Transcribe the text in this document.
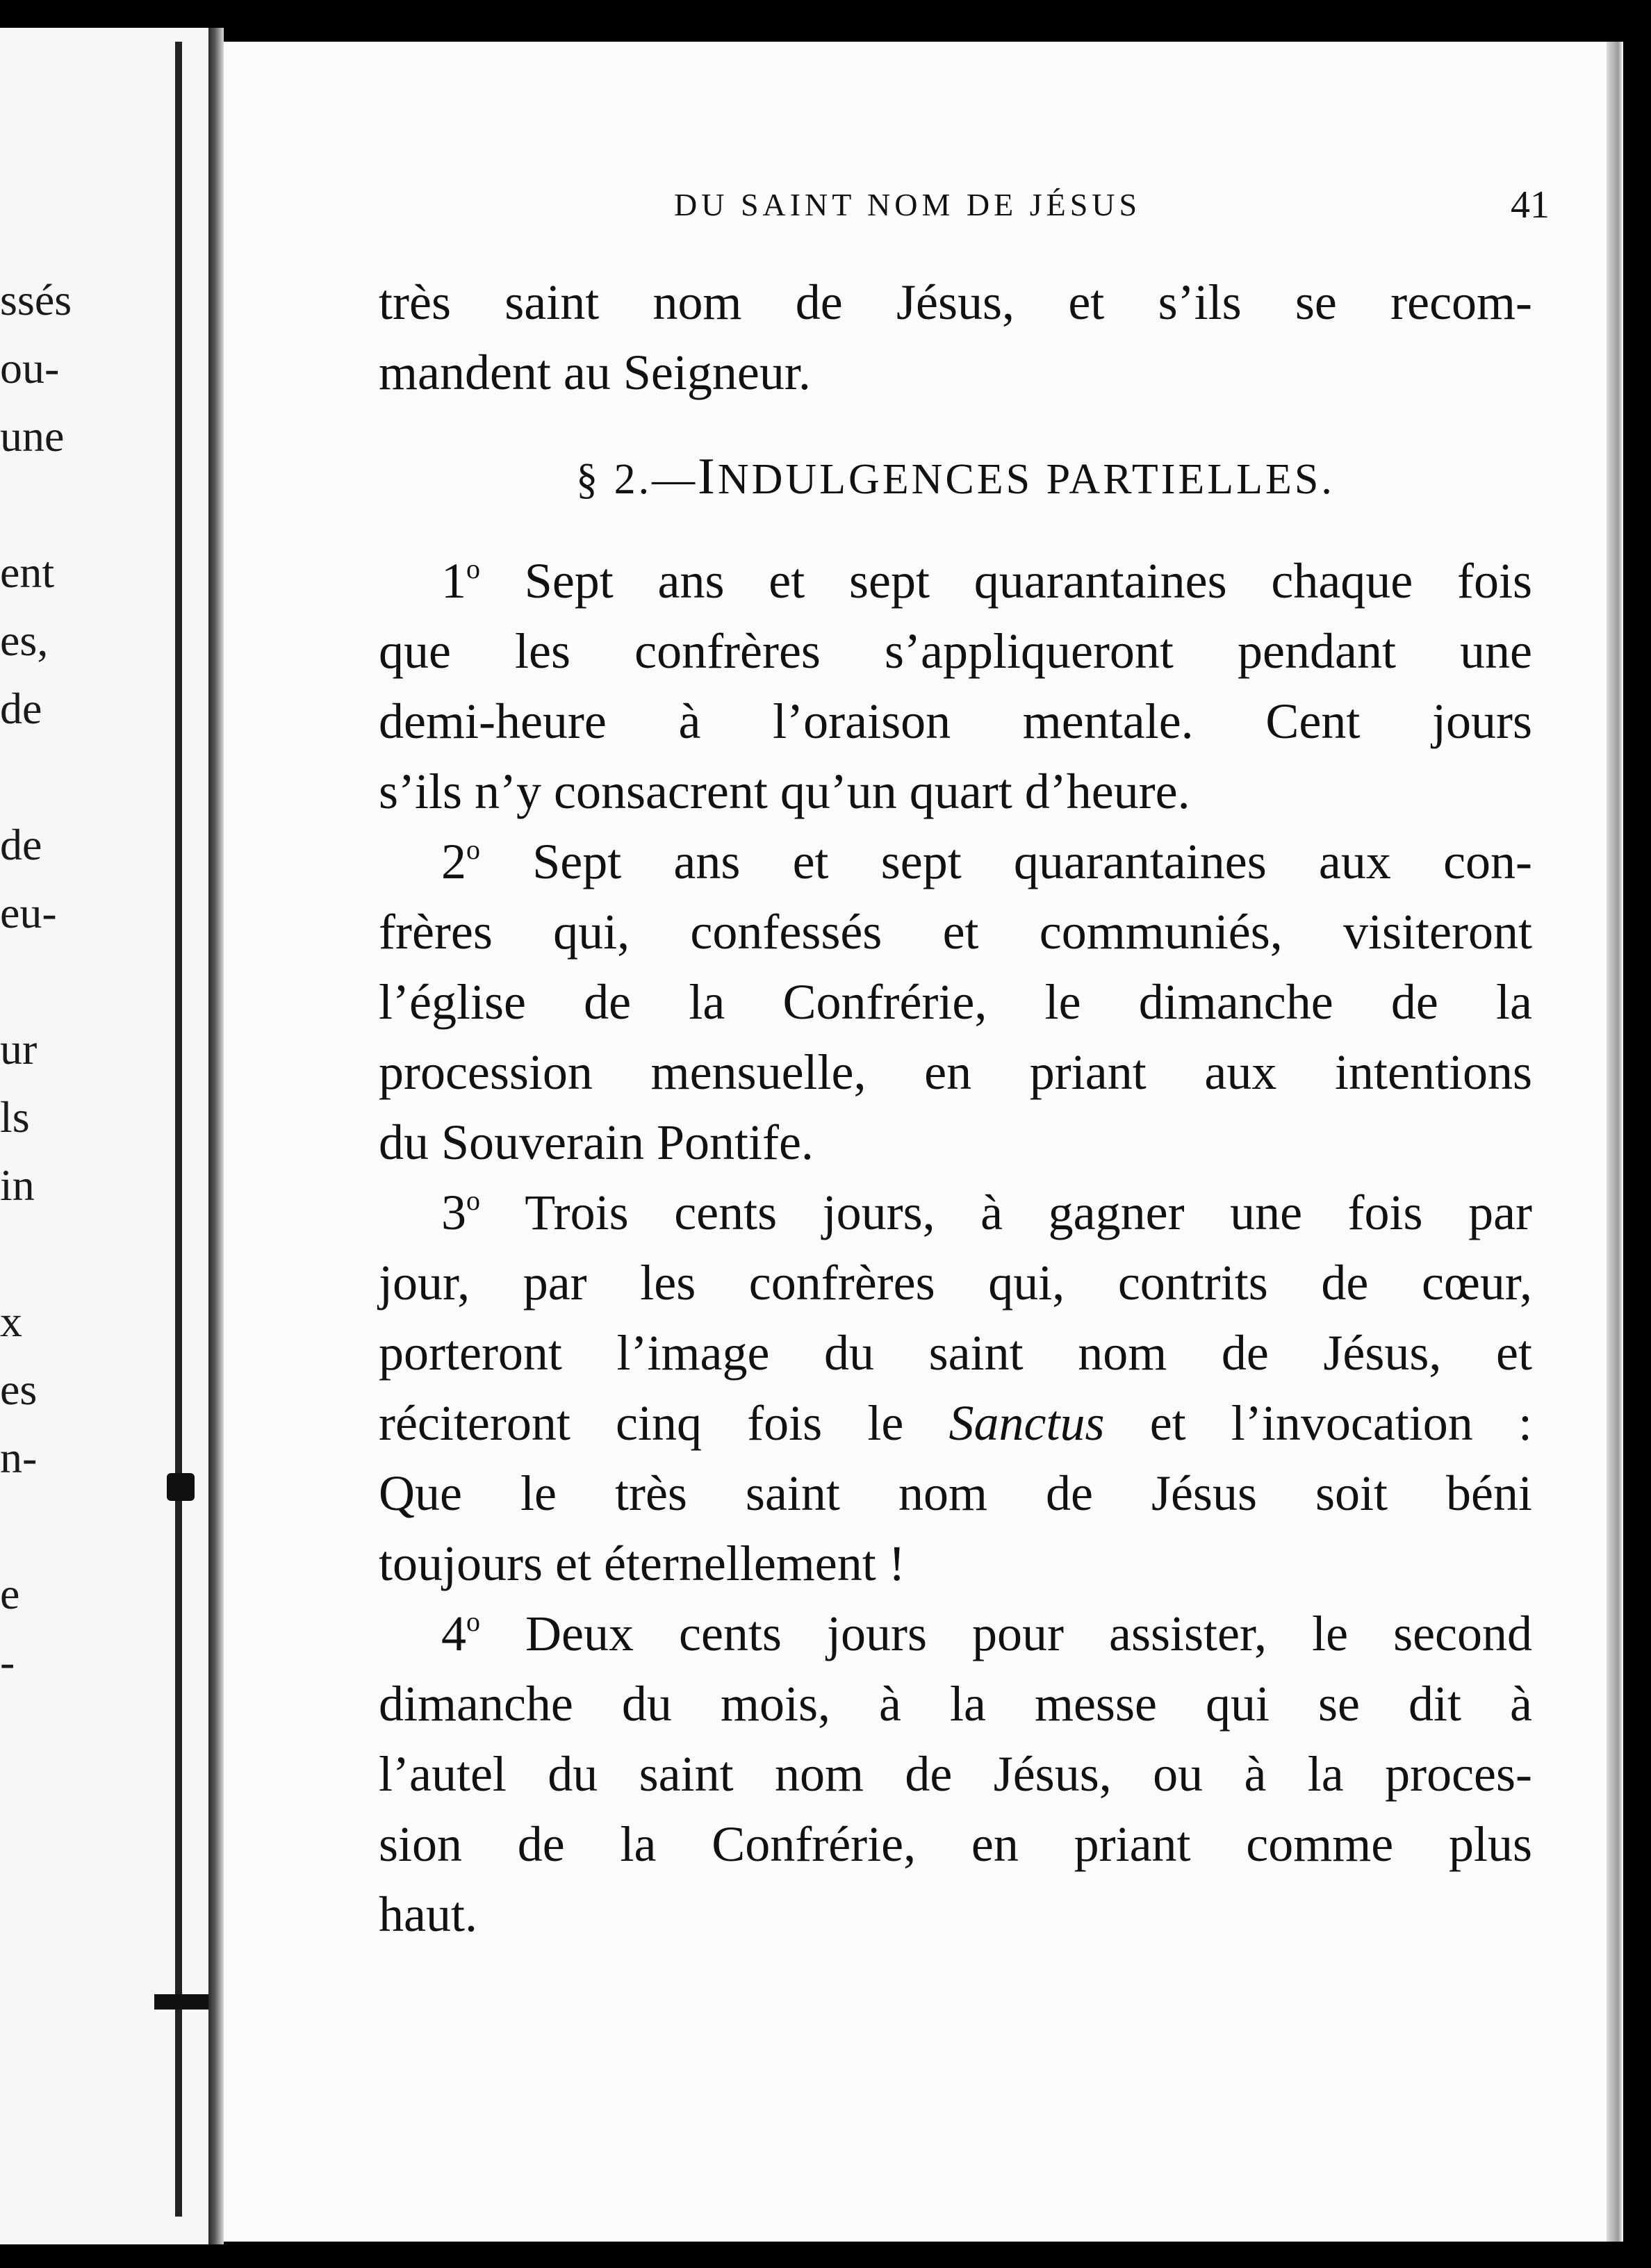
ssés
ou-
une
ent
es,
de
de
eu-
ur
ls
in
x
es
n-
e
-
DU SAINT NOM DE JÉSUS	41
très saint nom de Jésus, et s’ils se recom-
mandent au Seigneur.
§ 2.—INDULGENCES PARTIELLES.
1$^o$ Sept ans et sept quarantaines chaque fois
que les confrères s’appliqueront pendant une
demi-heure à l’oraison mentale. Cent jours
s’ils n’y consacrent qu’un quart d’heure.
2$^o$ Sept ans et sept quarantaines aux con-
frères qui, confessés et communiés, visiteront
l’église de la Confrérie, le dimanche de la
procession mensuelle, en priant aux intentions
du Souverain Pontife.
3$^o$ Trois cents jours, à gagner une fois par
jour, par les confrères qui, contrits de cœur,
porteront l’image du saint nom de Jésus, et
réciteront cinq fois le Sanctus et l’invocation :
Que le très saint nom de Jésus soit béni
toujours et éternellement !
4$^o$ Deux cents jours pour assister, le second
dimanche du mois, à la messe qui se dit à
l’autel du saint nom de Jésus, ou à la proces-
sion de la Confrérie, en priant comme plus
haut.
